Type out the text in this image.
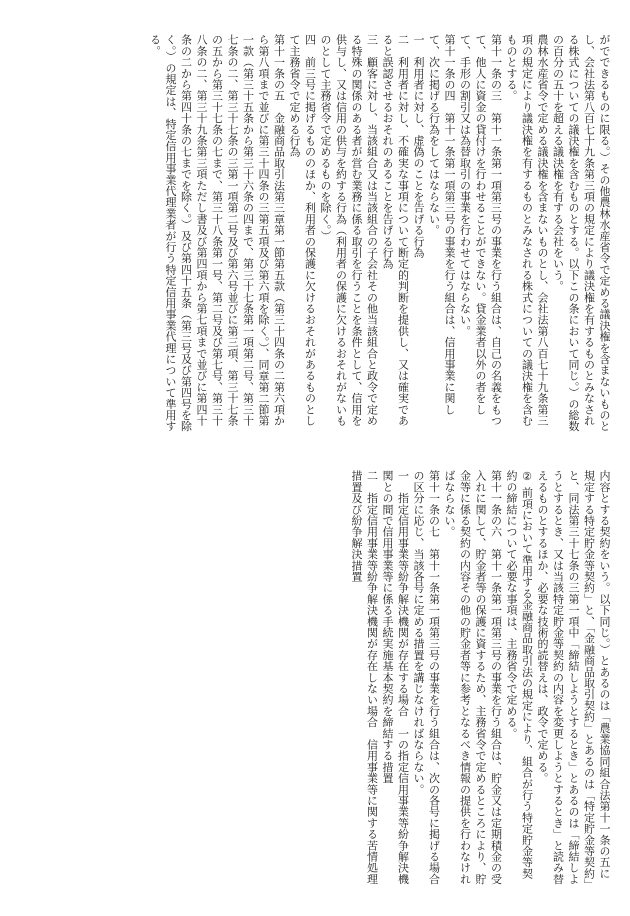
がでできるものに限る。）その他農林水産省令で定める議決権を含まないものとし、会社法第八百七十九条第三項の規定により議決権を有するものとみなされる株式についての議決権を含むものとする。以下この条において同じ。）の総数の百分の五十を超える議決権を有する会社をいう。

農林水産省令で定める議決権を含まないものとし、会社法第八百七十九条第三項の規定により議決権を有するものとみなされる株式についての議決権を含むものとする。

第十一条の三　第十一条第一項第三号の事業を行う組合は、自己の名義をもつて、他人に資金の貸付けを行わせることができない。貸金業者以外の者をして、手形の割引又は為替取引の事業を行わせてはならない。

第十一条の四　第十一条第一項第三号の事業を行う組合は、信用事業に関して、次に掲げる行為をしてはならない。

一　利用者に対し、虚偽のことを告げる行為

二　利用者に対し、不確実な事項について断定的判断を提供し、又は確実であると誤認させるおそれのあることを告げる行為

三　顧客に対し、当該組合又は当該組合の子会社その他当該組合と政令で定める特殊の関係のある者が営む業務に係る取引を行うことを条件として、信用を供与し、又は信用の供与を約する行為（利用者の保護に欠けるおそれがないものとして主務省令で定めるものを除く。）

四　前三号に掲げるもののほか、利用者の保護に欠けるおそれがあるものとして主務省令で定める行為

第十一条の五　金融商品取引法第三章第一節第五款（第三十四条の二第六項から第八項まで並びに第三十四条の三第五項及び第六項を除く。）、同章第二節第一款（第三十五条から第三十六条の四まで、第三十七条第一項第二号、第三十七条の二、第三十七条の三第一項第二号及び第六号並びに第三項、第三十七条の五から第三十七条の七まで、第三十八条第一号、第二号及び第七号、第三十八条の二、第三十九条第三項ただし書及び第四項から第七項まで並びに第四十条の二から第四十条の七までを除く。）及び第四十五条（第三号及び第四号を除く。）の規定は、特定信用事業代理業者が行う特定信用事業代理について準用する。

内容とする契約をいう。以下同じ。）とあるのは「農業協同組合法第十一条の五に規定する特定貯金等契約」と、「金融商品取引契約」とあるのは「特定貯金等契約」と、同法第三十七条の三第一項中「締結しようとするとき」とあるのは「締結しようとするとき、又は当該特定貯金等契約の内容を変更しようとするとき」と読み替えるものとするほか、必要な技術的読替えは、政令で定める。

② 前項において準用する金融商品取引法の規定により、組合が行う特定貯金等契約の締結について必要な事項は、主務省令で定める。

第十一条の六　第十一条第一項第三号の事業を行う組合は、貯金又は定期積金の受入れに関して、貯金者等の保護に資するため、主務省令で定めるところにより、貯金等に係る契約の内容その他の貯金者等に参考となるべき情報の提供を行わなければならない。

第十一条の七　第十一条第一項第三号の事業を行う組合は、次の各号に掲げる場合の区分に応じ、当該各号に定める措置を講じなければならない。

一　指定信用事業等紛争解決機関が存在する場合　一の指定信用事業等紛争解決機関との間で信用事業等に係る手続実施基本契約を締結する措置

二　指定信用事業等紛争解決機関が存在しない場合　信用事業等に関する苦情処理措置及び紛争解決措置
